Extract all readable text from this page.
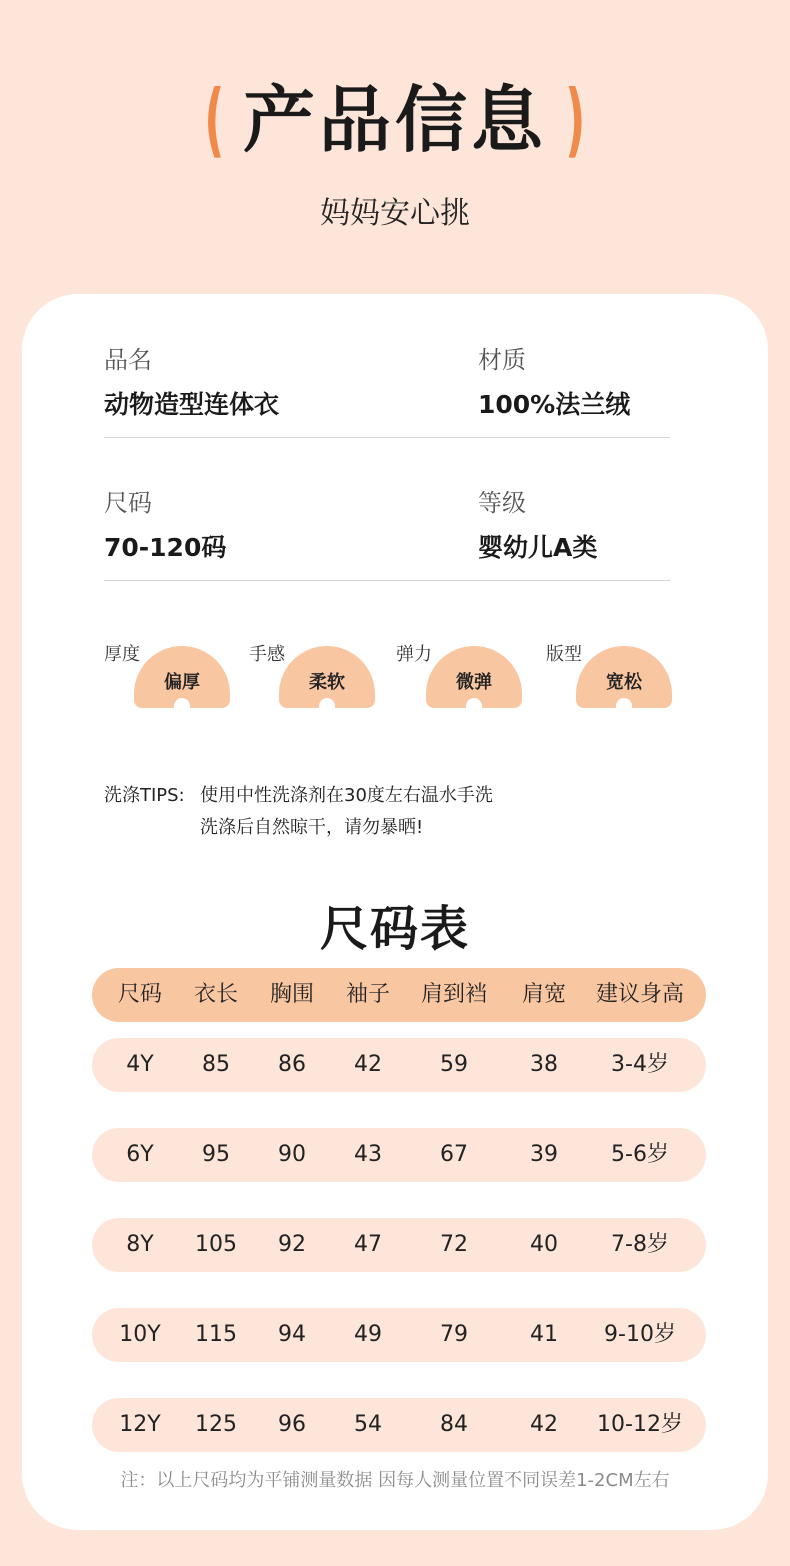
( 产品信息 )
妈妈安心挑
品名
动物造型连体衣
材质
100%法兰绒
尺码
70-120码
等级
婴幼儿A类
厚度
偏厚
手感
柔软
弹力
微弹
版型
宽松
洗涤TIPS: 使用中性洗涤剂在30度左右温水手洗
洗涤后自然晾干，请勿暴晒!
尺码表
尺码	衣长	胸围	袖子	肩到裆	肩宽	建议身高
4Y	85	86	42	59	38	3-4岁
6Y	95	90	43	67	39	5-6岁
8Y	105	92	47	72	40	7-8岁
10Y	115	94	49	79	41	9-10岁
12Y	125	96	54	84	42	10-12岁
注：以上尺码均为平铺测量数据 因每人测量位置不同误差1-2CM左右
